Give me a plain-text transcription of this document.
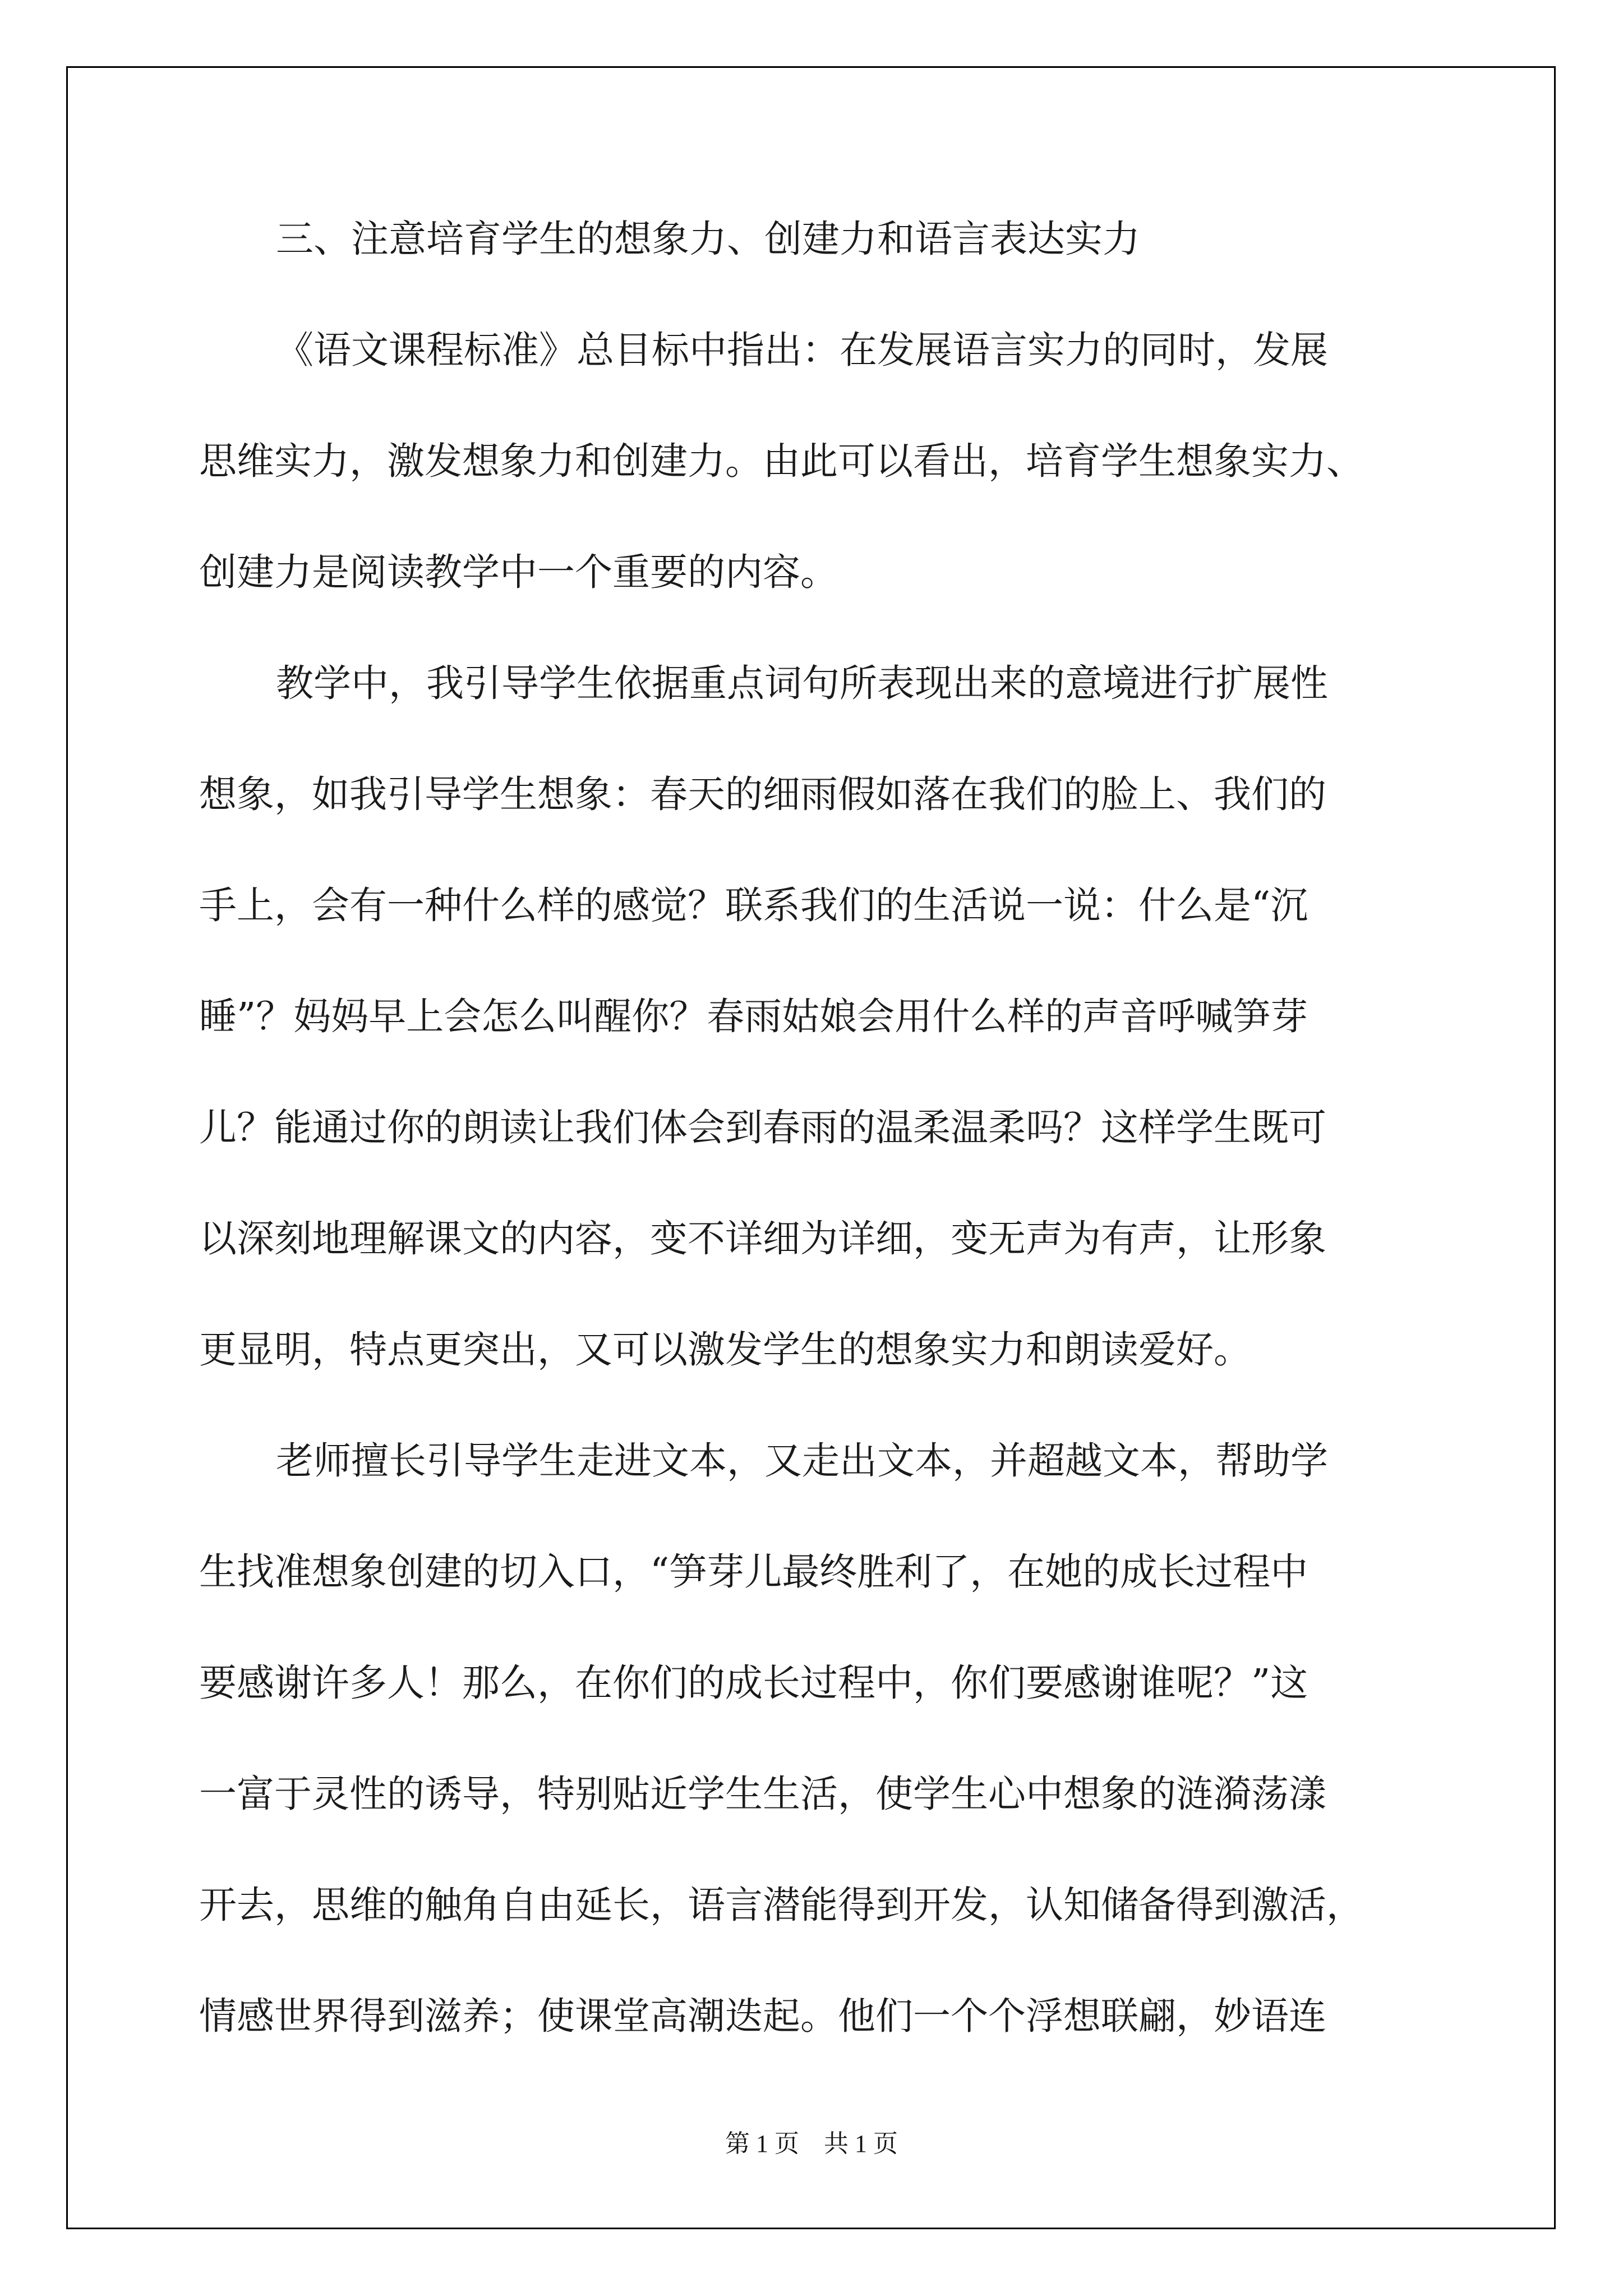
三、注意培育学生的想象力、创建力和语言表达实力
《语文课程标准》总目标中指出：在发展语言实力的同时，发展
思维实力，激发想象力和创建力。由此可以看出，培育学生想象实力、
创建力是阅读教学中一个重要的内容。
教学中，我引导学生依据重点词句所表现出来的意境进行扩展性
想象，如我引导学生想象：春天的细雨假如落在我们的脸上、我们的
手上，会有一种什么样的感觉？联系我们的生活说一说：什么是“沉
睡”？妈妈早上会怎么叫醒你？春雨姑娘会用什么样的声音呼喊笋芽
儿？能通过你的朗读让我们体会到春雨的温柔温柔吗？这样学生既可
以深刻地理解课文的内容，变不详细为详细，变无声为有声，让形象
更显明，特点更突出，又可以激发学生的想象实力和朗读爱好。
老师擅长引导学生走进文本，又走出文本，并超越文本，帮助学
生找准想象创建的切入口，“笋芽儿最终胜利了，在她的成长过程中
要感谢许多人！那么，在你们的成长过程中，你们要感谢谁呢？”这
一富于灵性的诱导，特别贴近学生生活，使学生心中想象的涟漪荡漾
开去，思维的触角自由延长，语言潜能得到开发，认知储备得到激活，
情感世界得到滋养；使课堂高潮迭起。他们一个个浮想联翩，妙语连
第 1 页 共 1 页
